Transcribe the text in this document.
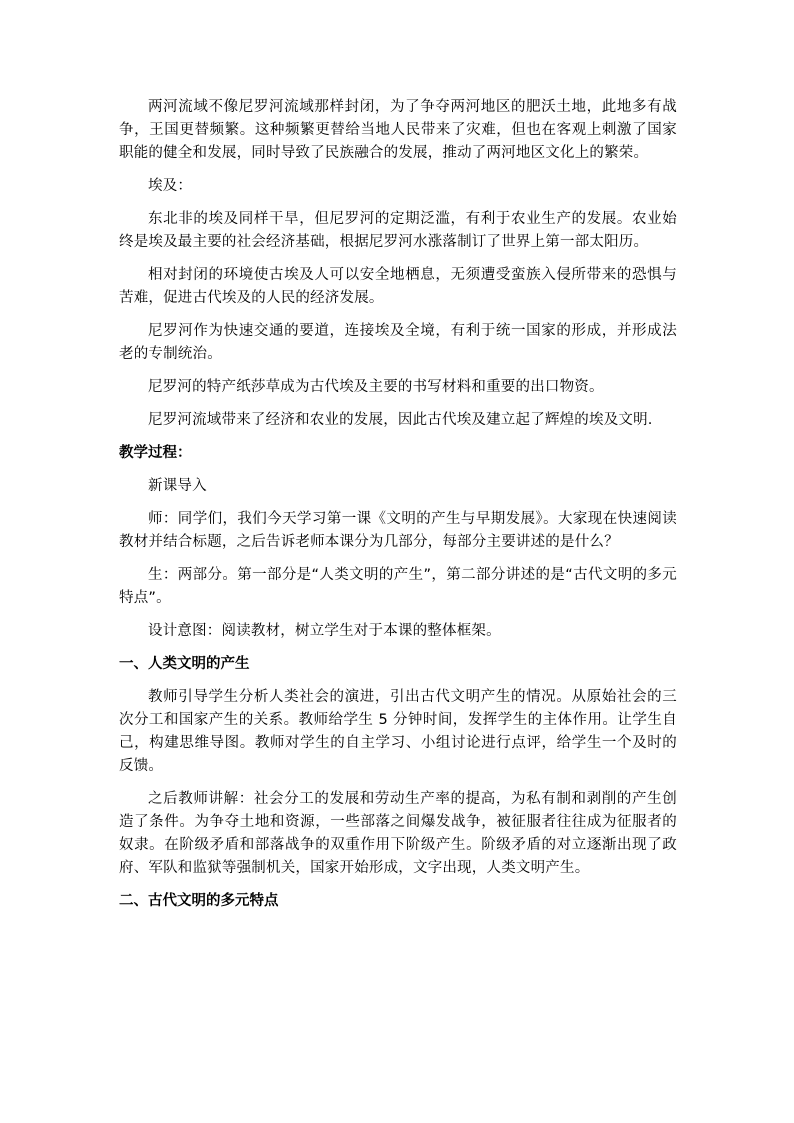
两河流域不像尼罗河流域那样封闭，为了争夺两河地区的肥沃土地，此地多有战争，王国更替频繁。这种频繁更替给当地人民带来了灾难，但也在客观上刺激了国家职能的健全和发展，同时导致了民族融合的发展，推动了两河地区文化上的繁荣。

埃及：

东北非的埃及同样干旱，但尼罗河的定期泛滥，有利于农业生产的发展。农业始终是埃及最主要的社会经济基础，根据尼罗河水涨落制订了世界上第一部太阳历。

相对封闭的环境使古埃及人可以安全地栖息，无须遭受蛮族入侵所带来的恐惧与苦难，促进古代埃及的人民的经济发展。

尼罗河作为快速交通的要道，连接埃及全境，有利于统一国家的形成，并形成法老的专制统治。

尼罗河的特产纸莎草成为古代埃及主要的书写材料和重要的出口物资。

尼罗河流域带来了经济和农业的发展，因此古代埃及建立起了辉煌的埃及文明.

教学过程：

新课导入

师：同学们，我们今天学习第一课《文明的产生与早期发展》。大家现在快速阅读教材并结合标题，之后告诉老师本课分为几部分，每部分主要讲述的是什么？

生：两部分。第一部分是“人类文明的产生”，第二部分讲述的是“古代文明的多元特点”。

设计意图：阅读教材，树立学生对于本课的整体框架。

一、人类文明的产生

教师引导学生分析人类社会的演进，引出古代文明产生的情况。从原始社会的三次分工和国家产生的关系。教师给学生 5 分钟时间，发挥学生的主体作用。让学生自己，构建思维导图。教师对学生的自主学习、小组讨论进行点评，给学生一个及时的反馈。

之后教师讲解：社会分工的发展和劳动生产率的提高，为私有制和剥削的产生创造了条件。为争夺土地和资源，一些部落之间爆发战争，被征服者往往成为征服者的奴隶。在阶级矛盾和部落战争的双重作用下阶级产生。阶级矛盾的对立逐渐出现了政府、军队和监狱等强制机关，国家开始形成，文字出现，人类文明产生。

二、古代文明的多元特点
